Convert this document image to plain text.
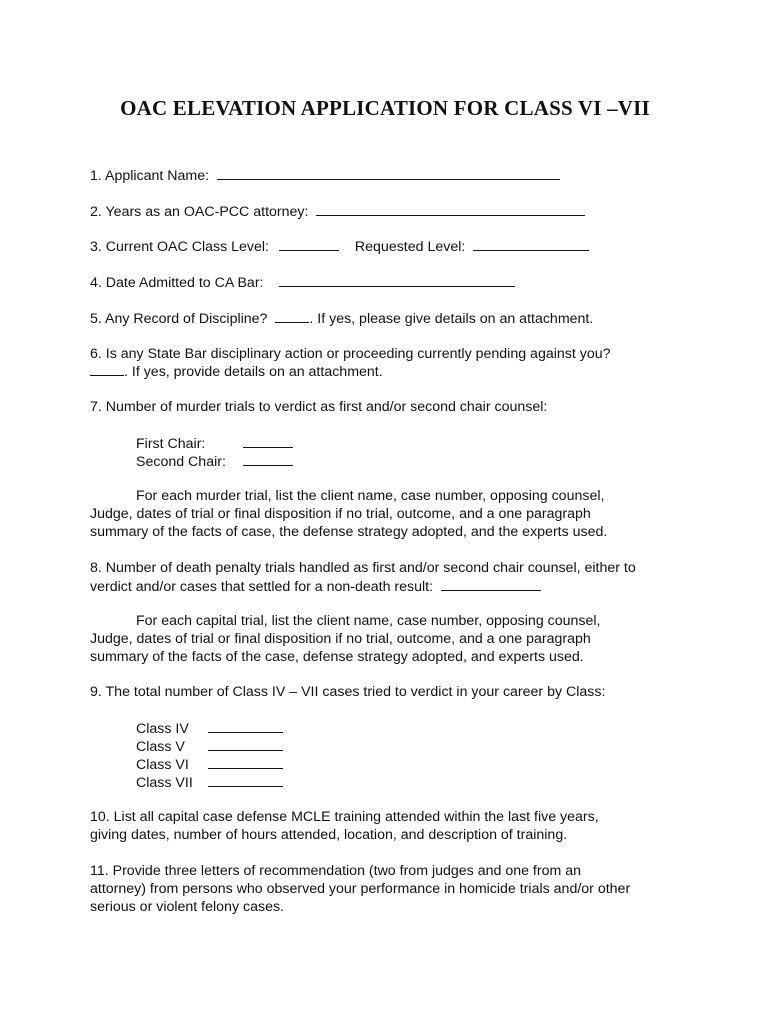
OAC ELEVATION APPLICATION FOR CLASS VI –VII
1. Applicant Name:
2. Years as an OAC-PCC attorney:
3. Current OAC Class Level:	Requested Level:
4. Date Admitted to CA Bar:
5. Any Record of Discipline?	. If yes, please give details on an attachment.
6. Is any State Bar disciplinary action or proceeding currently pending against you?
. If yes, provide details on an attachment.
7. Number of murder trials to verdict as first and/or second chair counsel:
First Chair:
Second Chair:
For each murder trial, list the client name, case number, opposing counsel,
Judge, dates of trial or final disposition if no trial, outcome, and a one paragraph
summary of the facts of case, the defense strategy adopted, and the experts used.
8. Number of death penalty trials handled as first and/or second chair counsel, either to
verdict and/or cases that settled for a non-death result:
For each capital trial, list the client name, case number, opposing counsel,
Judge, dates of trial or final disposition if no trial, outcome, and a one paragraph
summary of the facts of the case, defense strategy adopted, and experts used.
9. The total number of Class IV – VII cases tried to verdict in your career by Class:
Class IV
Class V
Class VI
Class VII
10. List all capital case defense MCLE training attended within the last five years,
giving dates, number of hours attended, location, and description of training.
11. Provide three letters of recommendation (two from judges and one from an
attorney) from persons who observed your performance in homicide trials and/or other
serious or violent felony cases.
